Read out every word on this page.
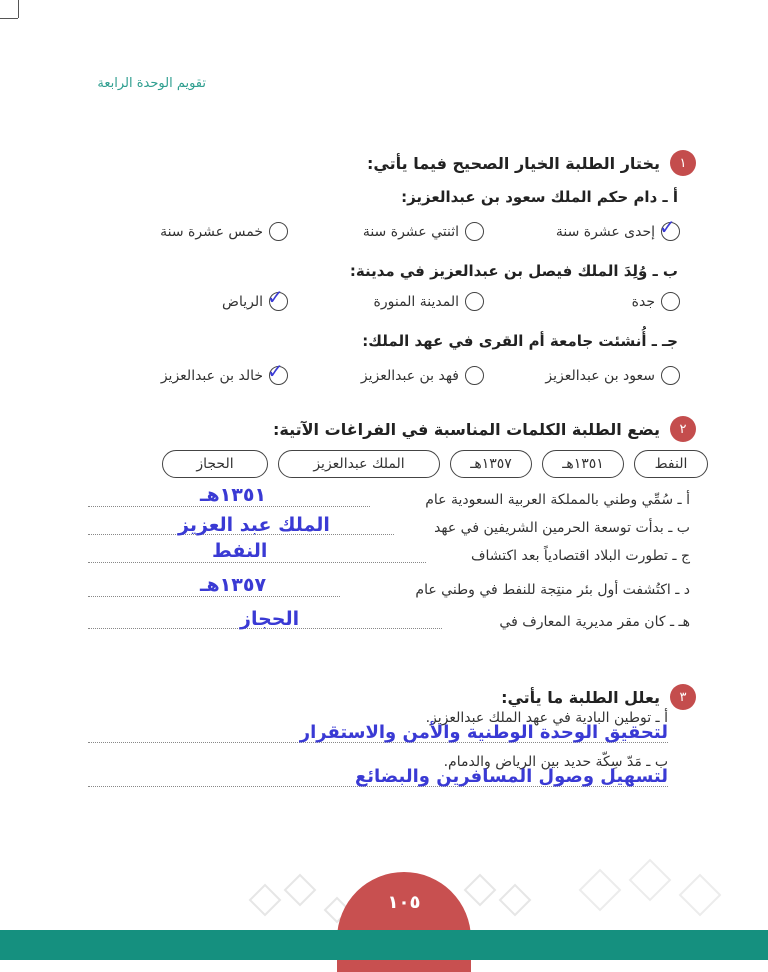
تقويم الوحدة الرابعة
١
يختار الطلبة الخيار الصحيح فيما يأتي:
أ ـ دام حكم الملك سعود بن عبدالعزيز:
✓
إحدى عشرة سنة
اثنتي عشرة سنة
خمس عشرة سنة
ب ـ وُلِدَ الملك فيصل بن عبدالعزيز في مدينة:
جدة
المدينة المنورة
✓
الرياض
جـ ـ أُنشئت جامعة أم القرى في عهد الملك:
سعود بن عبدالعزيز
فهد بن عبدالعزيز
✓
خالد بن عبدالعزيز
٢
يضع الطلبة الكلمات المناسبة في الفراغات الآتية:
النفط
١٣٥١هـ
١٣٥٧هـ
الملك عبدالعزيز
الحجاز
أ ـ سُمِّي وطني بالمملكة العربية السعودية عام
١٣٥١هـ
ب ـ بدأت توسعة الحرمين الشريفين في عهد
الملك عبد العزيز
ج ـ تطورت البلاد اقتصادياً بعد اكتشاف
النفط
د ـ اكتُشفت أول بئر منتِجة للنفط في وطني عام
١٣٥٧هـ
هـ ـ كان مقر مديرية المعارف في
الحجاز
٣
يعلل الطلبة ما يأتي:
أ ـ توطين البادية في عهد الملك عبدالعزيز.
لتحقيق الوحدة الوطنية والأمن والاستقرار
ب ـ مَدّ سِكّة حديد بين الرياض والدمام.
لتسهيل وصول المسافرين والبضائع
١٠٥
